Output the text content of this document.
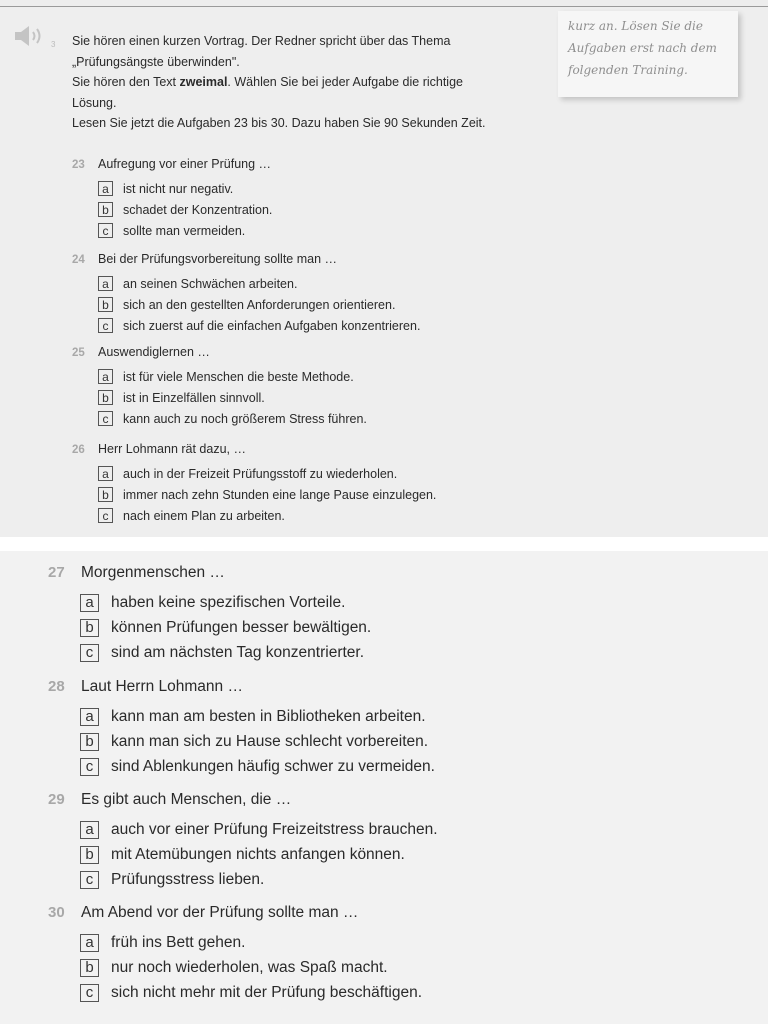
3 Sie hören einen kurzen Vortrag. Der Redner spricht über das Thema

„Prüfungsängste überwinden".

Sie hören den Text zweimal. Wählen Sie bei jeder Aufgabe die richtige

Lösung.

Lesen Sie jetzt die Aufgaben 23 bis 30. Dazu haben Sie 90 Sekunden Zeit.

kurz an. Lösen Sie die
Aufgaben erst nach dem
folgenden Training.
23	Aufregung vor einer Prüfung …
a	ist nicht nur negativ.
b	schadet der Konzentration.
c	sollte man vermeiden.
24	Bei der Prüfungsvorbereitung sollte man …
a	an seinen Schwächen arbeiten.
b	sich an den gestellten Anforderungen orientieren.
c	sich zuerst auf die einfachen Aufgaben konzentrieren.
25	Auswendiglernen …
a	ist für viele Menschen die beste Methode.
b	ist in Einzelfällen sinnvoll.
c	kann auch zu noch größerem Stress führen.
26	Herr Lohmann rät dazu, …
a	auch in der Freizeit Prüfungsstoff zu wiederholen.
b	immer nach zehn Stunden eine lange Pause einzulegen.
c	nach einem Plan zu arbeiten.
27	Morgenmenschen …
a	haben keine spezifischen Vorteile.
b	können Prüfungen besser bewältigen.
c	sind am nächsten Tag konzentrierter.
28	Laut Herrn Lohmann …
a	kann man am besten in Bibliotheken arbeiten.
b	kann man sich zu Hause schlecht vorbereiten.
c	sind Ablenkungen häufig schwer zu vermeiden.
29	Es gibt auch Menschen, die …
a	auch vor einer Prüfung Freizeitstress brauchen.
b	mit Atemübungen nichts anfangen können.
c	Prüfungsstress lieben.
30	Am Abend vor der Prüfung sollte man …
a	früh ins Bett gehen.
b	nur noch wiederholen, was Spaß macht.
c	sich nicht mehr mit der Prüfung beschäftigen.
